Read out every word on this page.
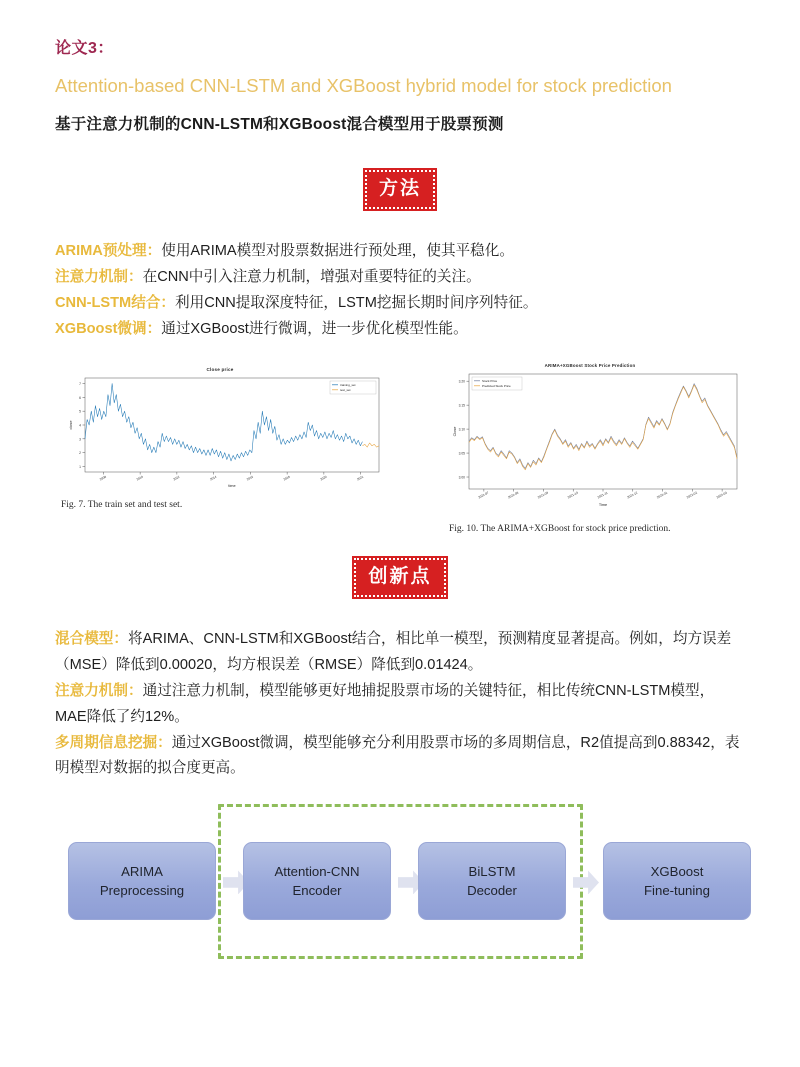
论文3：
Attention-based CNN-LSTM and XGBoost hybrid model for stock prediction
基于注意力机制的CNN-LSTM和XGBoost混合模型用于股票预测
方法
ARIMA预处理：使用ARIMA模型对股票数据进行预处理，使其平稳化。
注意力机制：在CNN中引入注意力机制，增强对重要特征的关注。
CNN-LSTM结合：利用CNN提取深度特征，LSTM挖掘长期时间序列特征。
XGBoost微调：通过XGBoost进行微调，进一步优化模型性能。
Close price
1
2
3
4
5
6
7
close
2008	2010	2012	2014	2016	2018	2020	2021
time
training_set
test_set
Fig. 7. The train set and test set.
ARIMA+XGBoost Stock Price Prediction
3.00
3.05
3.10
3.15
3.20
Close
2021-07	2021-08	2021-09	2021-10	2021-11	2021-12	2022-01	2022-02	2022-03
Time
Stock Price
Predicted Stock Price
Fig. 10. The ARIMA+XGBoost for stock price prediction.
创新点
混合模型：将ARIMA、CNN-LSTM和XGBoost结合，相比单一模型，预测精度显著提高。例如，均方误差（MSE）降低到0.00020，均方根误差（RMSE）降低到0.01424。
注意力机制：通过注意力机制，模型能够更好地捕捉股票市场的关键特征，相比传统CNN-LSTM模型，MAE降低了约12%。
多周期信息挖掘：通过XGBoost微调，模型能够充分利用股票市场的多周期信息，R2值提高到0.88342，表明模型对数据的拟合度更高。
ARIMA
Preprocessing
Attention-CNN
Encoder
BiLSTM
Decoder
XGBoost
Fine-tuning
